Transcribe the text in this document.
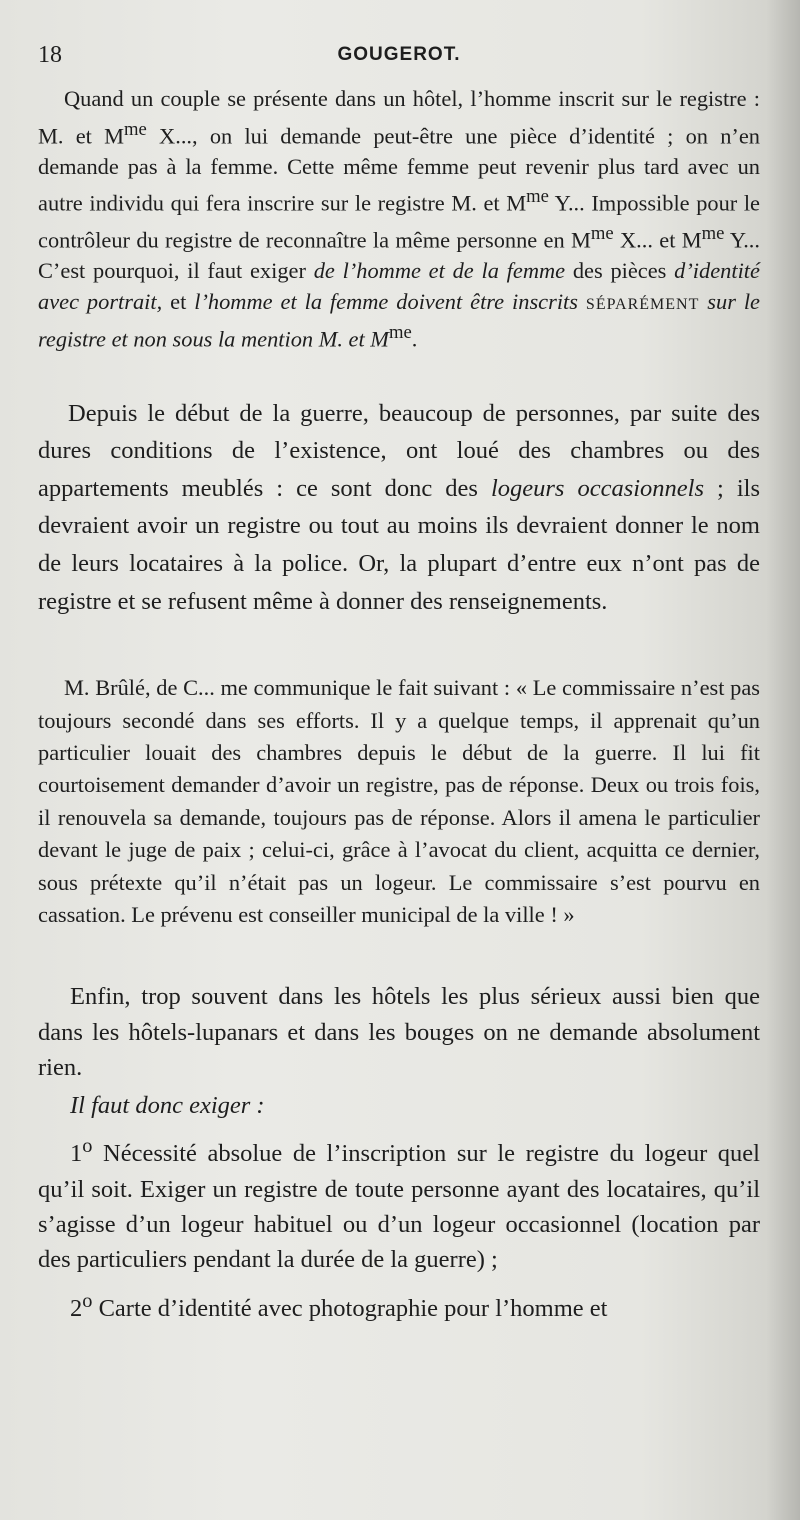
18	GOUGEROT.

Quand un couple se présente dans un hôtel, l’homme inscrit sur le registre : M. et $M^{me}$ X..., on lui demande peut-être une pièce d’identité ; on n’en demande pas à la femme. Cette même femme peut revenir plus tard avec un autre individu qui fera inscrire sur le registre M. et $M^{me}$ Y... Impossible pour le contrôleur du registre de reconnaître la même personne en $M^{me}$ X... et $M^{me}$ Y... C’est pourquoi, il faut exiger de l’homme et de la femme des pièces d’identité avec portrait, et l’homme et la femme doivent être inscrits séparément sur le registre et non sous la mention M. et $M^{me}$.

Depuis le début de la guerre, beaucoup de personnes, par suite des dures conditions de l’existence, ont loué des chambres ou des appartements meublés : ce sont donc des logeurs occasionnels ; ils devraient avoir un registre ou tout au moins ils devraient donner le nom de leurs locataires à la police. Or, la plupart d’entre eux n’ont pas de registre et se refusent même à donner des renseignements.

M. Brûlé, de C... me communique le fait suivant : « Le commissaire n’est pas toujours secondé dans ses efforts. Il y a quelque temps, il apprenait qu’un particulier louait des chambres depuis le début de la guerre. Il lui fit courtoisement demander d’avoir un registre, pas de réponse. Deux ou trois fois, il renouvela sa demande, toujours pas de réponse. Alors il amena le particulier devant le juge de paix ; celui-ci, grâce à l’avocat du client, acquitta ce dernier, sous prétexte qu’il n’était pas un logeur. Le commissaire s’est pourvu en cassation. Le prévenu est conseiller municipal de la ville ! »

Enfin, trop souvent dans les hôtels les plus sérieux aussi bien que dans les hôtels-lupanars et dans les bouges on ne demande absolument rien.

Il faut donc exiger :

1$^o$ Nécessité absolue de l’inscription sur le registre du logeur quel qu’il soit. Exiger un registre de toute personne ayant des locataires, qu’il s’agisse d’un logeur habituel ou d’un logeur occasionnel (location par des particuliers pendant la durée de la guerre) ;

2$^o$ Carte d’identité avec photographie pour l’homme et
